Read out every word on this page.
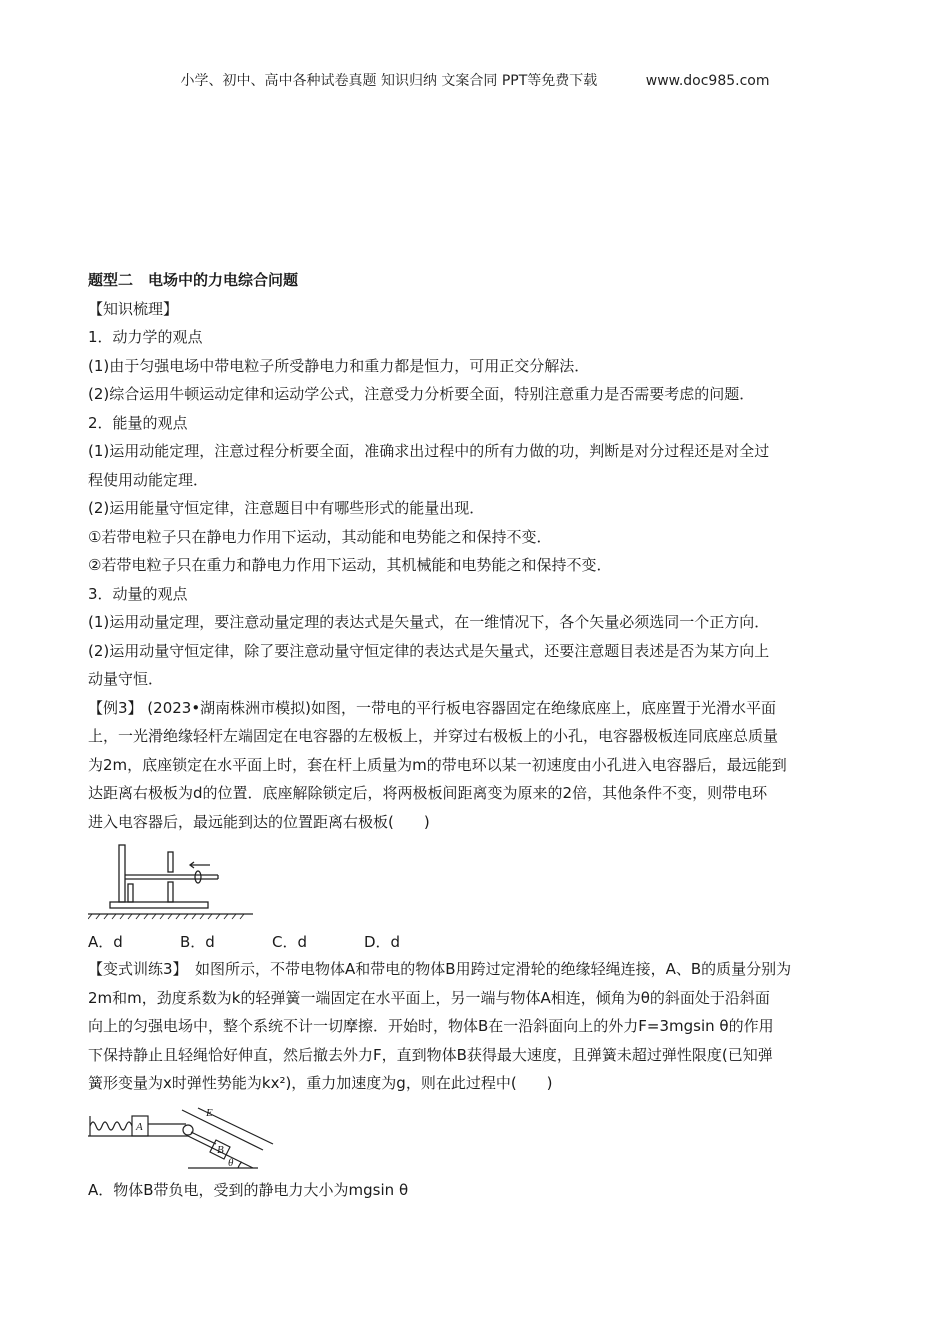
小学、初中、高中各种试卷真题 知识归纳 文案合同 PPT等免费下载	www.doc985.com

题型二　电场中的力电综合问题

【知识梳理】

1．动力学的观点

(1)由于匀强电场中带电粒子所受静电力和重力都是恒力，可用正交分解法．

(2)综合运用牛顿运动定律和运动学公式，注意受力分析要全面，特别注意重力是否需要考虑的问题．

2．能量的观点

(1)运用动能定理，注意过程分析要全面，准确求出过程中的所有力做的功，判断是对分过程还是对全过

程使用动能定理．

(2)运用能量守恒定律，注意题目中有哪些形式的能量出现．

①若带电粒子只在静电力作用下运动，其动能和电势能之和保持不变．

②若带电粒子只在重力和静电力作用下运动，其机械能和电势能之和保持不变．

3．动量的观点

(1)运用动量定理，要注意动量定理的表达式是矢量式，在一维情况下，各个矢量必须选同一个正方向．

(2)运用动量守恒定律，除了要注意动量守恒定律的表达式是矢量式，还要注意题目表述是否为某方向上

动量守恒．

【例3】 (2023•湖南株洲市模拟)如图，一带电的平行板电容器固定在绝缘底座上，底座置于光滑水平面

上，一光滑绝缘轻杆左端固定在电容器的左极板上，并穿过右极板上的小孔，电容器极板连同底座总质量

为2m，底座锁定在水平面上时，套在杆上质量为m的带电环以某一初速度由小孔进入电容器后，最远能到

达距离右极板为d的位置．底座解除锁定后，将两极板间距离变为原来的2倍，其他条件不变，则带电环

进入电容器后，最远能到达的位置距离右极板(　　)

A．d	B．d	C．d	D．d

【变式训练3】　如图所示，不带电物体A和带电的物体B用跨过定滑轮的绝缘轻绳连接，A、B的质量分别为

2m和m，劲度系数为k的轻弹簧一端固定在水平面上，另一端与物体A相连，倾角为θ的斜面处于沿斜面

向上的匀强电场中，整个系统不计一切摩擦．开始时，物体B在一沿斜面向上的外力F=3mgsin θ的作用

下保持静止且轻绳恰好伸直，然后撤去外力F，直到物体B获得最大速度，且弹簧未超过弹性限度(已知弹

簧形变量为x时弹性势能为kx²)，重力加速度为g，则在此过程中(　　)

A
E
B
θ
A．物体B带负电，受到的静电力大小为mgsin θ
